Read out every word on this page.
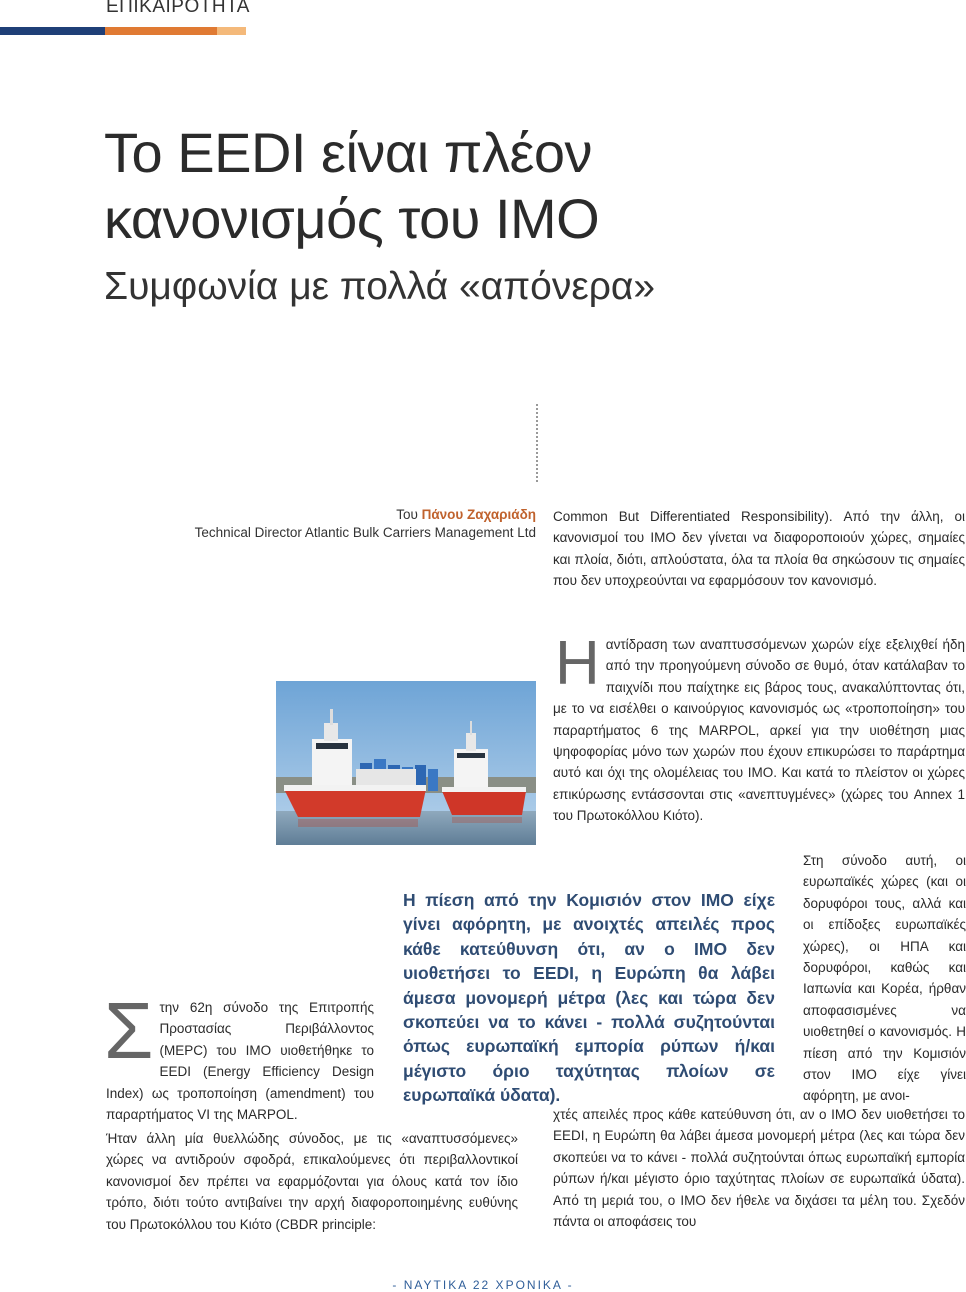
ΕΠΙΚΑΙΡΟΤΗΤΑ
Το EEDI είναι πλέον
κανονισμός του IMO
Συμφωνία με πολλά «απόνερα»
Του Πάνου Ζαχαριάδη
Technical Director Atlantic Bulk Carriers Management Ltd
Common But Differentiated Responsibility). Από την άλλη, οι κανονισμοί του IMO δεν γίνεται να διαφοροποιούν χώρες, σημαίες και πλοία, διότι, απλούστατα, όλα τα πλοία θα σηκώσουν τις σημαίες που δεν υποχρεούνται να εφαρμόσουν τον κανονισμό.
Ηαντίδραση των αναπτυσσόμενων χωρών είχε εξελιχθεί ήδη από την προηγούμενη σύνοδο σε θυμό, όταν κατάλαβαν το παιχνίδι που παίχτηκε εις βάρος τους, ανακαλύπτοντας ότι, με το να εισέλθει ο καινούργιος κανονισμός ως «τροποποίηση» του παραρτήματος 6 της MARPOL, αρκεί για την υιοθέτηση μιας ψηφοφορίας μόνο των χωρών που έχουν επικυρώσει το παράρτημα αυτό και όχι της ολομέλειας του IMO. Και κατά το πλείστον οι χώρες επικύρωσης εντάσσονται στις «ανεπτυγμένες» (χώρες του Annex 1 του Πρωτοκόλλου Κιότο).
Η πίεση από την Κομισιόν στον IMO είχε γίνει αφόρητη, με ανοιχτές απειλές προς κάθε κατεύθυνση ότι, αν ο IMO δεν υιοθετήσει το EEDI, η Ευρώπη θα λάβει άμεσα μονομερή μέτρα (λες και τώρα δεν σκοπεύει να το κάνει - πολλά συζητούνται όπως ευρωπαϊκή εμπορία ρύπων ή/και μέγιστο όριο ταχύτητας πλοίων σε ευρωπαϊκά ύδατα).
Στη σύνοδο αυτή, οι ευρωπαϊκές χώρες (και οι δορυφόροι τους, αλλά και οι επίδοξες ευρωπαϊκές χώρες), οι ΗΠΑ και δορυφόροι, καθώς και Ιαπωνία και Κορέα, ήρθαν αποφασισμένες να υιοθετηθεί ο κανονισμός. Η πίεση από την Κομισιόν στον IMO είχε γίνει αφόρητη, με ανοι-
Στην 62η σύνοδο της Επιτροπής Προστασίας Περιβάλλοντος (MEPC) του IMO υιοθετήθηκε το EEDI (Energy Efficiency Design Index) ως τροποποίηση (amendment) του παραρτήματος VI της MARPOL.
Ήταν άλλη μία θυελλώδης σύνοδος, με τις «αναπτυσσόμενες» χώρες να αντιδρούν σφοδρά, επικαλούμενες ότι περιβαλλοντικοί κανονισμοί δεν πρέπει να εφαρμόζονται για όλους κατά τον ίδιο τρόπο, διότι τούτο αντιβαίνει την αρχή διαφοροποιημένης ευθύνης του Πρωτοκόλλου του Κιότο (CBDR principle:
χτές απειλές προς κάθε κατεύθυνση ότι, αν ο IMO δεν υιοθετήσει το EEDI, η Ευρώπη θα λάβει άμεσα μονομερή μέτρα (λες και τώρα δεν σκοπεύει να το κάνει - πολλά συζητούνται όπως ευρωπαϊκή εμπορία ρύπων ή/και μέγιστο όριο ταχύτητας πλοίων σε ευρωπαϊκά ύδατα). Από τη μεριά του, ο IMO δεν ήθελε να διχάσει τα μέλη του. Σχεδόν πάντα οι αποφάσεις του
- ΝΑΥΤΙΚΑ 22 ΧΡΟΝΙΚΑ -
